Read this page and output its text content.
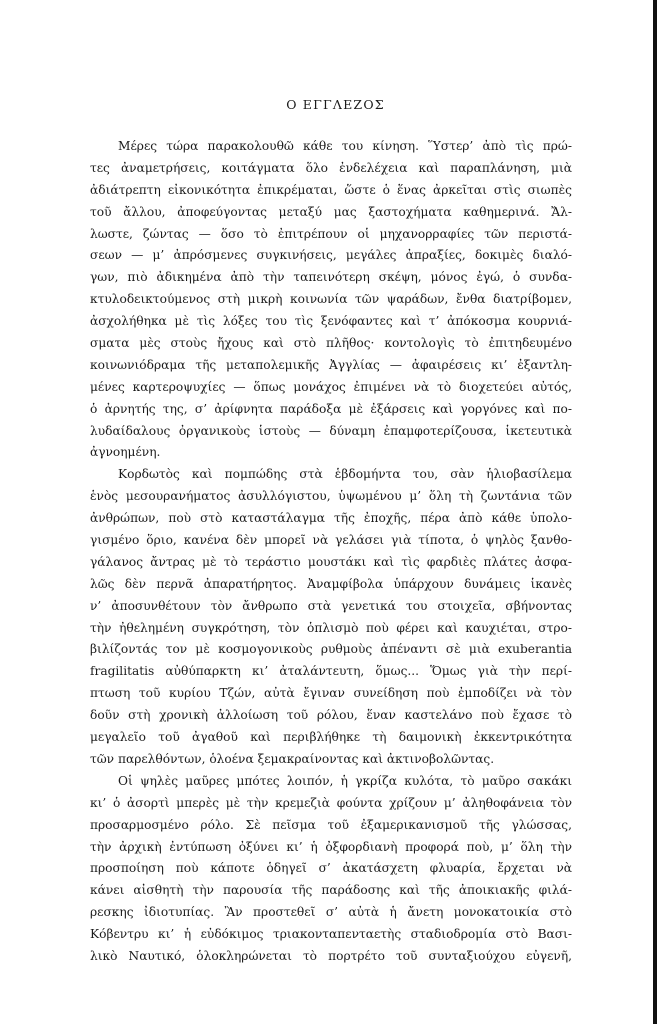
Ο ΕΓΓΛΕΖΟΣ
Μέρες τώρα παρακολουθῶ κάθε του κίνηση. Ὕστερ’ ἀπὸ τὶς πρώ-
τες ἀναμετρήσεις, κοιτάγματα ὅλο ἐνδελέχεια καὶ παραπλάνηση, μιὰ
ἀδιάτρεπτη εἰκονικότητα ἐπικρέμαται, ὥστε ὁ ἕνας ἀρκεῖται στὶς σιωπὲς
τοῦ ἄλλου, ἀποφεύγοντας μεταξύ μας ξαστοχήματα καθημερινά. Ἄλ-
λωστε, ζώντας — ὅσο τὸ ἐπιτρέπουν οἱ μηχανορραφίες τῶν περιστά-
σεων — μ’ ἀπρόσμενες συγκινήσεις, μεγάλες ἀπραξίες, δοκιμὲς διαλό-
γων, πιὸ ἀδικημένα ἀπὸ τὴν ταπεινότερη σκέψη, μόνος ἐγώ, ὁ συνδα-
κτυλοδεικτούμενος στὴ μικρὴ κοινωνία τῶν ψαράδων, ἔνθα διατρίβομεν,
ἀσχολήθηκα μὲ τὶς λόξες του τὶς ξενόφαντες καὶ τ’ ἀπόκοσμα κουρνιά-
σματα μὲς στοὺς ἤχους καὶ στὸ πλῆθος· κοντολογὶς τὸ ἐπιτηδευμένο
κοινωνιόδραμα τῆς μεταπολεμικῆς Ἀγγλίας — ἀφαιρέσεις κι’ ἐξαντλη-
μένες καρτεροψυχίες — ὅπως μονάχος ἐπιμένει νὰ τὸ διοχετεύει αὐτός,
ὁ ἀρνητής της, σ’ ἀρίφνητα παράδοξα μὲ ἐξάρσεις καὶ γοργόνες καὶ πο-
λυδαίδαλους ὀργανικοὺς ἱστοὺς — δύναμη ἐπαμφοτερίζουσα, ἱκετευτικὰ
ἀγνοημένη.
Κορδωτὸς καὶ πομπώδης στὰ ἑβδομήντα του, σὰν ἡλιοβασίλεμα
ἑνὸς μεσουρανήματος ἀσυλλόγιστου, ὑψωμένου μ’ ὅλη τὴ ζωντάνια τῶν
ἀνθρώπων, ποὺ στὸ καταστάλαγμα τῆς ἐποχῆς, πέρα ἀπὸ κάθε ὑπολο-
γισμένο ὅριο, κανένα δὲν μπορεῖ νὰ γελάσει γιὰ τίποτα, ὁ ψηλὸς ξανθο-
γάλανος ἄντρας μὲ τὸ τεράστιο μουστάκι καὶ τὶς φαρδιὲς πλάτες ἀσφα-
λῶς δὲν περνᾶ ἀπαρατήρητος. Ἀναμφίβολα ὑπάρχουν δυνάμεις ἱκανὲς
ν’ ἀποσυνθέτουν τὸν ἄνθρωπο στὰ γενετικά του στοιχεῖα, σβήνοντας
τὴν ἠθελημένη συγκρότηση, τὸν ὁπλισμὸ ποὺ φέρει καὶ καυχιέται, στρο-
βιλίζοντάς τον μὲ κοσμογονικοὺς ρυθμοὺς ἀπέναντι σὲ μιὰ exuberantia
fragilitatis αὐθύπαρκτη κι’ ἀταλάντευτη, ὅμως... Ὅμως γιὰ τὴν περί-
πτωση τοῦ κυρίου Τζών, αὐτὰ ἔγιναν συνείδηση ποὺ ἐμποδίζει νὰ τὸν
δοῦν στὴ χρονικὴ ἀλλοίωση τοῦ ρόλου, ἕναν καστελάνο ποὺ ἔχασε τὸ
μεγαλεῖο τοῦ ἀγαθοῦ καὶ περιβλήθηκε τὴ δαιμονικὴ ἐκκεντρικότητα
τῶν παρελθόντων, ὁλοένα ξεμακραίνοντας καὶ ἀκτινοβολῶντας.
Οἱ ψηλὲς μαῦρες μπότες λοιπόν, ἡ γκρίζα κυλότα, τὸ μαῦρο σακάκι
κι’ ὁ ἀσορτὶ μπερὲς μὲ τὴν κρεμεζιὰ φούντα χρίζουν μ’ ἀληθοφάνεια τὸν
προσαρμοσμένο ρόλο. Σὲ πεῖσμα τοῦ ἐξαμερικανισμοῦ τῆς γλώσσας,
τὴν ἀρχικὴ ἐντύπωση ὀξύνει κι’ ἡ ὀξφορδιανὴ προφορά ποὺ, μ’ ὅλη τὴν
προσποίηση ποὺ κάποτε ὁδηγεῖ σ’ ἀκατάσχετη φλυαρία, ἔρχεται νὰ
κάνει αἰσθητὴ τὴν παρουσία τῆς παράδοσης καὶ τῆς ἀποικιακῆς φιλά-
ρεσκης ἰδιοτυπίας. Ἂν προστεθεῖ σ’ αὐτὰ ἡ ἄνετη μονοκατοικία στὸ
Κόβεντρυ κι’ ἡ εὐδόκιμος τριακονταπενταετὴς σταδιοδρομία στὸ Βασι-
λικὸ Ναυτικό, ὁλοκληρώνεται τὸ πορτρέτο τοῦ συνταξιούχου εὐγενῆ,
